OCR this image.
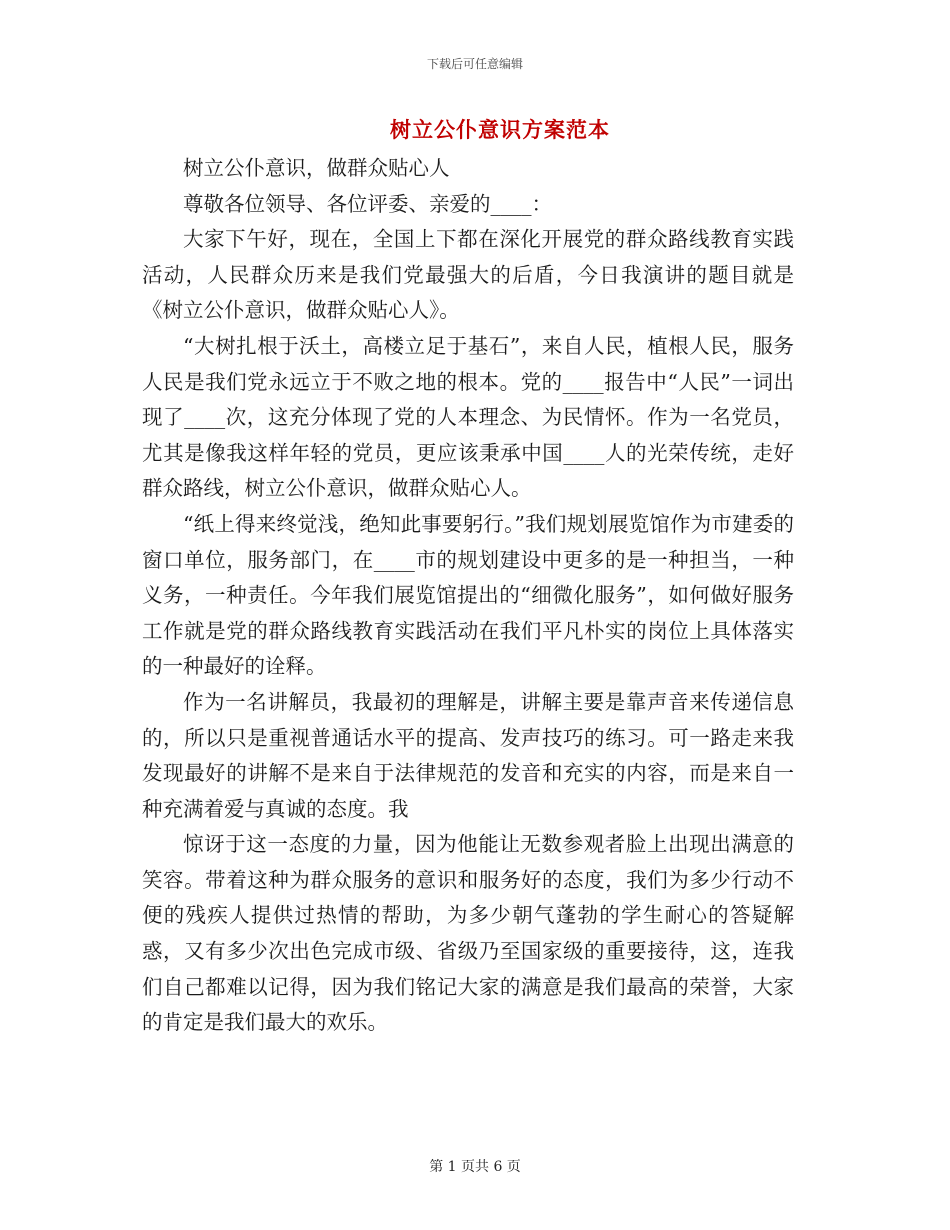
下载后可任意编辑
树立公仆意识方案范本

树立公仆意识，做群众贴心人

尊敬各位领导、各位评委、亲爱的____：

大家下午好，现在，全国上下都在深化开展党的群众路线教育实践活动，人民群众历来是我们党最强大的后盾，今日我演讲的题目就是《树立公仆意识，做群众贴心人》。

“大树扎根于沃土，高楼立足于基石”，来自人民，植根人民，服务人民是我们党永远立于不败之地的根本。党的____报告中“人民”一词出现了____次，这充分体现了党的人本理念、为民情怀。作为一名党员，尤其是像我这样年轻的党员，更应该秉承中国____人的光荣传统，走好群众路线，树立公仆意识，做群众贴心人。

“纸上得来终觉浅，绝知此事要躬行。”我们规划展览馆作为市建委的窗口单位，服务部门，在____市的规划建设中更多的是一种担当，一种义务，一种责任。今年我们展览馆提出的“细微化服务”，如何做好服务工作就是党的群众路线教育实践活动在我们平凡朴实的岗位上具体落实的一种最好的诠释。

作为一名讲解员，我最初的理解是，讲解主要是靠声音来传递信息的，所以只是重视普通话水平的提高、发声技巧的练习。可一路走来我发现最好的讲解不是来自于法律规范的发音和充实的内容，而是来自一种充满着爱与真诚的态度。我

惊讶于这一态度的力量，因为他能让无数参观者脸上出现出满意的笑容。带着这种为群众服务的意识和服务好的态度，我们为多少行动不便的残疾人提供过热情的帮助，为多少朝气蓬勃的学生耐心的答疑解惑，又有多少次出色完成市级、省级乃至国家级的重要接待，这，连我们自己都难以记得，因为我们铭记大家的满意是我们最高的荣誉，大家的肯定是我们最大的欢乐。

第 1 页共 6 页
